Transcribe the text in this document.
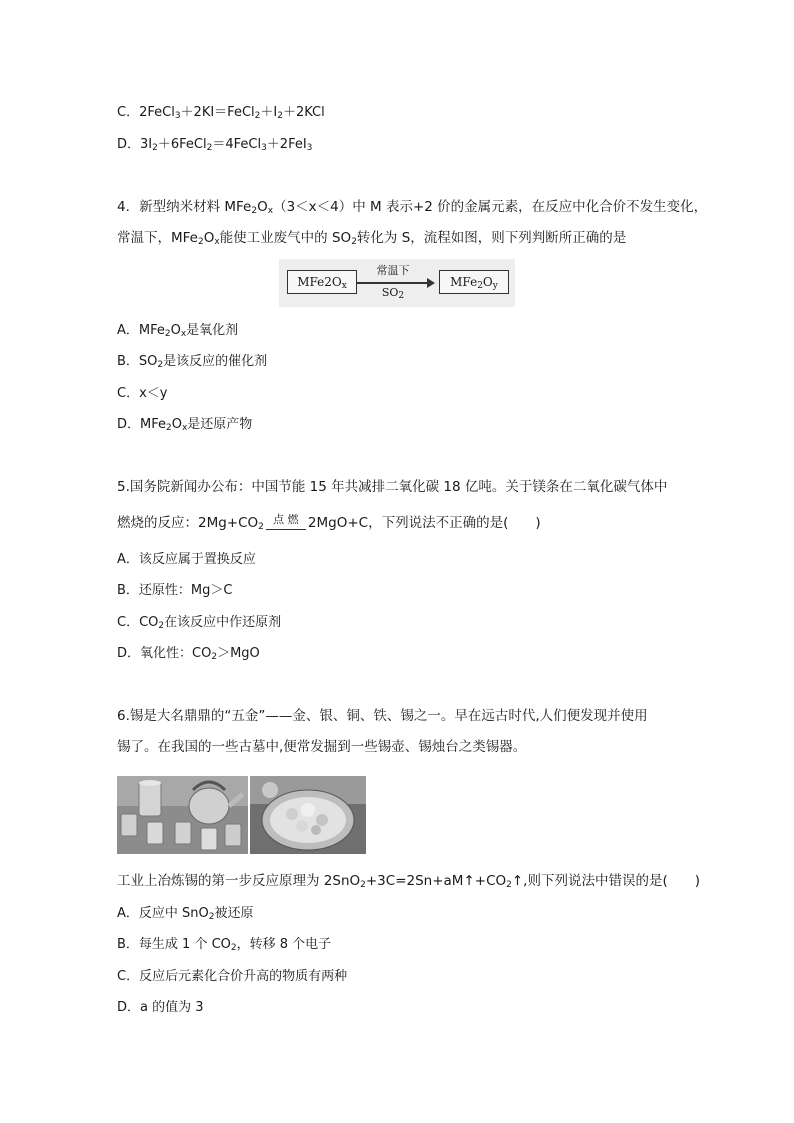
C．$2FeCl_3+2KI=FeCl_2+I_2+2KCl$
D．$3I_2+6FeCl_2=4FeCl_3+2FeI_3$
4．新型纳米材料 $MFe_2O_x(3<x<4)$中 M 表示+2 价的金属元素，在反应中化合价不发生变化，
常温下，$MFe_2O_x$能使工业废气中的 $SO_2$转化为 S，流程如图，则下列判断所正确的是
$MFe2O_x$
常温下
$SO_2$
$MFe_2O_y$
A．$MFe_2O_x$是氧化剂
B．$SO_2$是该反应的催化剂
C．x＜y
D．$MFe_2O_x$是还原产物
5.国务院新闻办公布：中国节能 15 年共减排二氧化碳 18 亿吨。关于镁条在二氧化碳气体中
燃烧的反应：$2Mg+CO_2^{点 燃}$ 2MgO+C，下列说法不正确的是(　　)
A．该反应属于置换反应
B．还原性：Mg＞C
C．$CO_2$在该反应中作还原剂
D．氧化性：$CO_2>MgO$
6.锡是大名鼎鼎的“五金”——金、银、铜、铁、锡之一。早在远古时代,人们便发现并使用
锡了。在我国的一些古墓中,便常发掘到一些锡壶、锡烛台之类锡器。
工业上冶炼锡的第一步反应原理为 $2SnO_2+3C=2Sn+aM↑+CO_2↑$,则下列说法中错误的是(　　)
A．反应中 SnO$_2$被还原
B．每生成 1 个 $CO_2$，转移 8 个电子
C．反应后元素化合价升高的物质有两种
D．a 的值为 3
